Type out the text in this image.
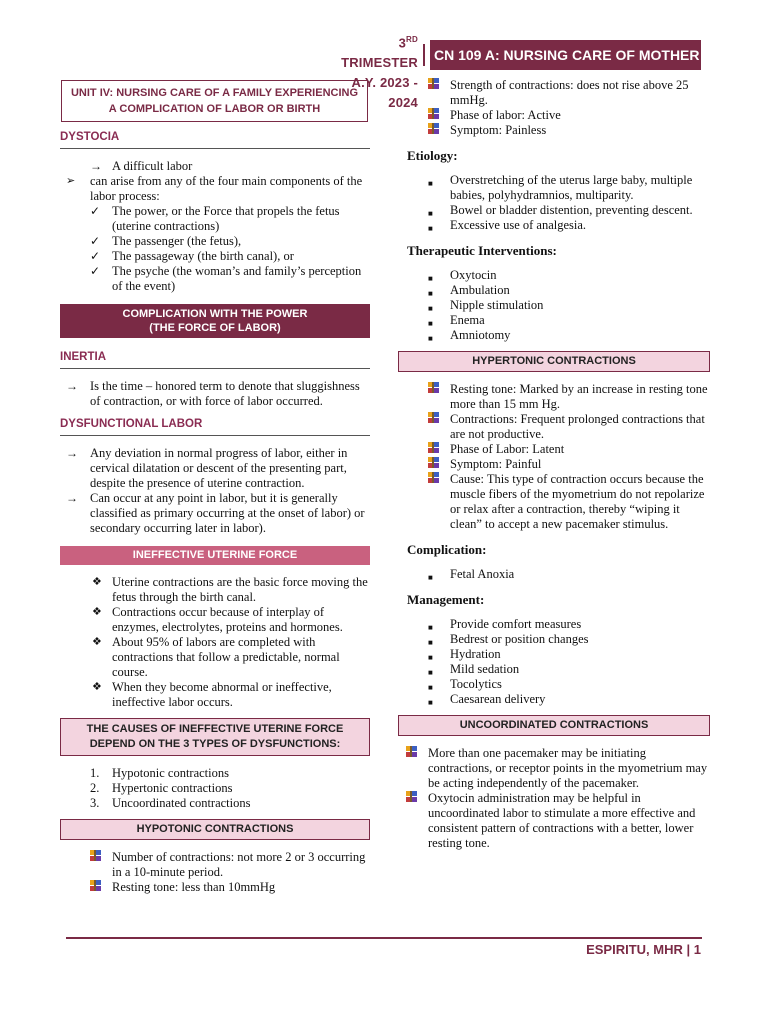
3RD TRIMESTER
A.Y. 2023 - 2024
CN 109 A: NURSING CARE OF MOTHER AT RISK
UNIT IV: NURSING CARE OF A FAMILY EXPERIENCING A COMPLICATION OF LABOR OR BIRTH
DYSTOCIA
→ A difficult labor
➢ can arise from any of the four main components of the labor process:
✓ The power, or the Force that propels the fetus (uterine contractions)
✓ The passenger (the fetus),
✓ The passageway (the birth canal), or
✓ The psyche (the woman’s and family’s perception of the event)
COMPLICATION WITH THE POWER
(THE FORCE OF LABOR)
INERTIA
→ Is the time – honored term to denote that sluggishness of contraction, or with force of labor occurred.
DYSFUNCTIONAL LABOR
→ Any deviation in normal progress of labor, either in cervical dilatation or descent of the presenting part, despite the presence of uterine contraction.
→ Can occur at any point in labor, but it is generally classified as primary occurring at the onset of labor) or secondary occurring later in labor).
INEFFECTIVE UTERINE FORCE
❖ Uterine contractions are the basic force moving the fetus through the birth canal.
❖ Contractions occur because of interplay of enzymes, electrolytes, proteins and hormones.
❖ About 95% of labors are completed with contractions that follow a predictable, normal course.
❖ When they become abnormal or ineffective, ineffective labor occurs.
THE CAUSES OF INEFFECTIVE UTERINE FORCE
DEPEND ON THE 3 TYPES OF DYSFUNCTIONS:
1. Hypotonic contractions
2. Hypertonic contractions
3. Uncoordinated contractions
HYPOTONIC CONTRACTIONS
Number of contractions: not more 2 or 3 occurring in a 10-minute period.
Resting tone: less than 10mmHg
Strength of contractions: does not rise above 25 mmHg.
Phase of labor: Active
Symptom: Painless
Etiology:
■ Overstretching of the uterus large baby, multiple babies, polyhydramnios, multiparity.
■ Bowel or bladder distention, preventing descent.
■ Excessive use of analgesia.
Therapeutic Interventions:
■ Oxytocin
■ Ambulation
■ Nipple stimulation
■ Enema
■ Amniotomy
HYPERTONIC CONTRACTIONS
Resting tone: Marked by an increase in resting tone more than 15 mm Hg.
Contractions: Frequent prolonged contractions that are not productive.
Phase of Labor: Latent
Symptom: Painful
Cause: This type of contraction occurs because the muscle fibers of the myometrium do not repolarize or relax after a contraction, thereby “wiping it clean” to accept a new pacemaker stimulus.
Complication:
■ Fetal Anoxia
Management:
■ Provide comfort measures
■ Bedrest or position changes
■ Hydration
■ Mild sedation
■ Tocolytics
■ Caesarean delivery
UNCOORDINATED CONTRACTIONS
More than one pacemaker may be initiating contractions, or receptor points in the myometrium may be acting independently of the pacemaker.
Oxytocin administration may be helpful in uncoordinated labor to stimulate a more effective and consistent pattern of contractions with a better, lower resting tone.
ESPIRITU, MHR | 1
